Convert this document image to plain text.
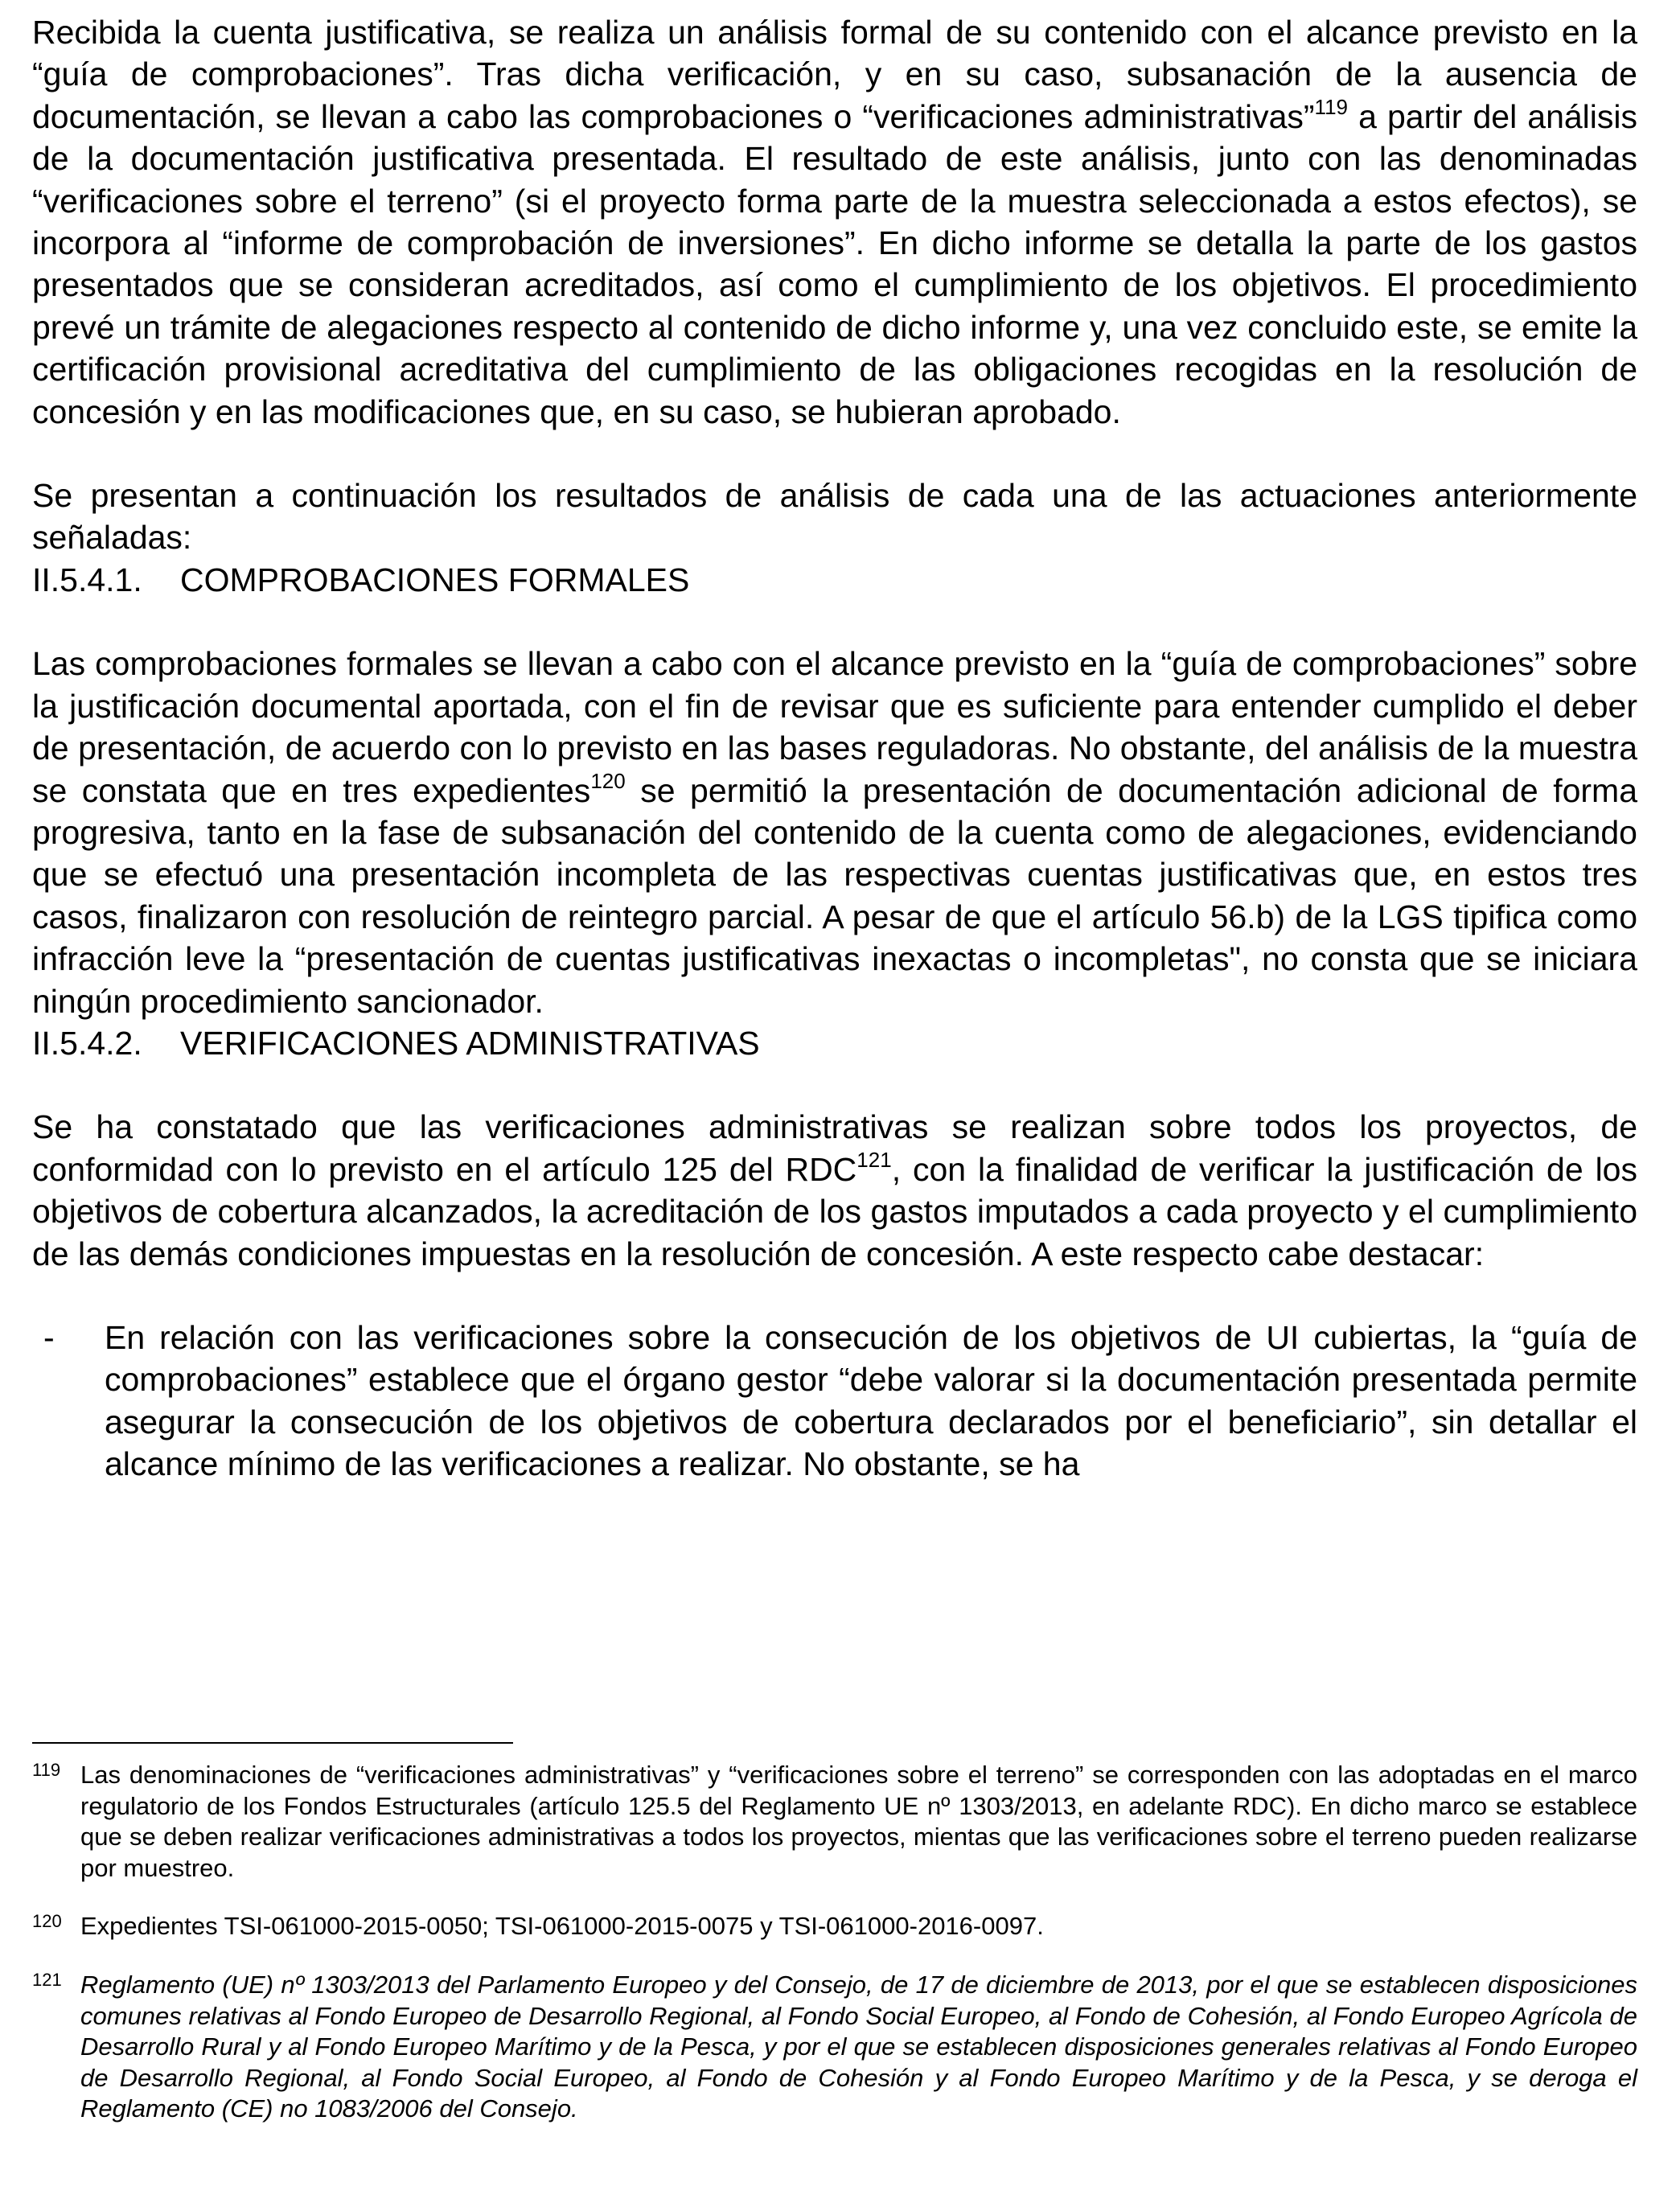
Recibida la cuenta justificativa, se realiza un análisis formal de su contenido con el alcance previsto en la “guía de comprobaciones”. Tras dicha verificación, y en su caso, subsanación de la ausencia de documentación, se llevan a cabo las comprobaciones o “verificaciones administrativas”$^{119}$ a partir del análisis de la documentación justificativa presentada. El resultado de este análisis, junto con las denominadas “verificaciones sobre el terreno” (si el proyecto forma parte de la muestra seleccionada a estos efectos), se incorpora al “informe de comprobación de inversiones”. En dicho informe se detalla la parte de los gastos presentados que se consideran acreditados, así como el cumplimiento de los objetivos. El procedimiento prevé un trámite de alegaciones respecto al contenido de dicho informe y, una vez concluido este, se emite la certificación provisional acreditativa del cumplimiento de las obligaciones recogidas en la resolución de concesión y en las modificaciones que, en su caso, se hubieran aprobado.

Se presentan a continuación los resultados de análisis de cada una de las actuaciones anteriormente señaladas:

II.5.4.1. COMPROBACIONES FORMALES

Las comprobaciones formales se llevan a cabo con el alcance previsto en la “guía de comprobaciones” sobre la justificación documental aportada, con el fin de revisar que es suficiente para entender cumplido el deber de presentación, de acuerdo con lo previsto en las bases reguladoras. No obstante, del análisis de la muestra se constata que en tres expedientes$^{120}$ se permitió la presentación de documentación adicional de forma progresiva, tanto en la fase de subsanación del contenido de la cuenta como de alegaciones, evidenciando que se efectuó una presentación incompleta de las respectivas cuentas justificativas que, en estos tres casos, finalizaron con resolución de reintegro parcial. A pesar de que el artículo 56.b) de la LGS tipifica como infracción leve la “presentación de cuentas justificativas inexactas o incompletas", no consta que se iniciara ningún procedimiento sancionador.

II.5.4.2. VERIFICACIONES ADMINISTRATIVAS

Se ha constatado que las verificaciones administrativas se realizan sobre todos los proyectos, de conformidad con lo previsto en el artículo 125 del RDC$^{121}$, con la finalidad de verificar la justificación de los objetivos de cobertura alcanzados, la acreditación de los gastos imputados a cada proyecto y el cumplimiento de las demás condiciones impuestas en la resolución de concesión. A este respecto cabe destacar:

- En relación con las verificaciones sobre la consecución de los objetivos de UI cubiertas, la “guía de comprobaciones” establece que el órgano gestor “debe valorar si la documentación presentada permite asegurar la consecución de los objetivos de cobertura declarados por el beneficiario”, sin detallar el alcance mínimo de las verificaciones a realizar. No obstante, se ha

119 Las denominaciones de “verificaciones administrativas” y “verificaciones sobre el terreno” se corresponden con las adoptadas en el marco regulatorio de los Fondos Estructurales (artículo 125.5 del Reglamento UE nº 1303/2013, en adelante RDC). En dicho marco se establece que se deben realizar verificaciones administrativas a todos los proyectos, mientas que las verificaciones sobre el terreno pueden realizarse por muestreo.

120 Expedientes TSI-061000-2015-0050; TSI-061000-2015-0075 y TSI-061000-2016-0097.

121 Reglamento (UE) nº 1303/2013 del Parlamento Europeo y del Consejo, de 17 de diciembre de 2013, por el que se establecen disposiciones comunes relativas al Fondo Europeo de Desarrollo Regional, al Fondo Social Europeo, al Fondo de Cohesión, al Fondo Europeo Agrícola de Desarrollo Rural y al Fondo Europeo Marítimo y de la Pesca, y por el que se establecen disposiciones generales relativas al Fondo Europeo de Desarrollo Regional, al Fondo Social Europeo, al Fondo de Cohesión y al Fondo Europeo Marítimo y de la Pesca, y se deroga el Reglamento (CE) no 1083/2006 del Consejo.
